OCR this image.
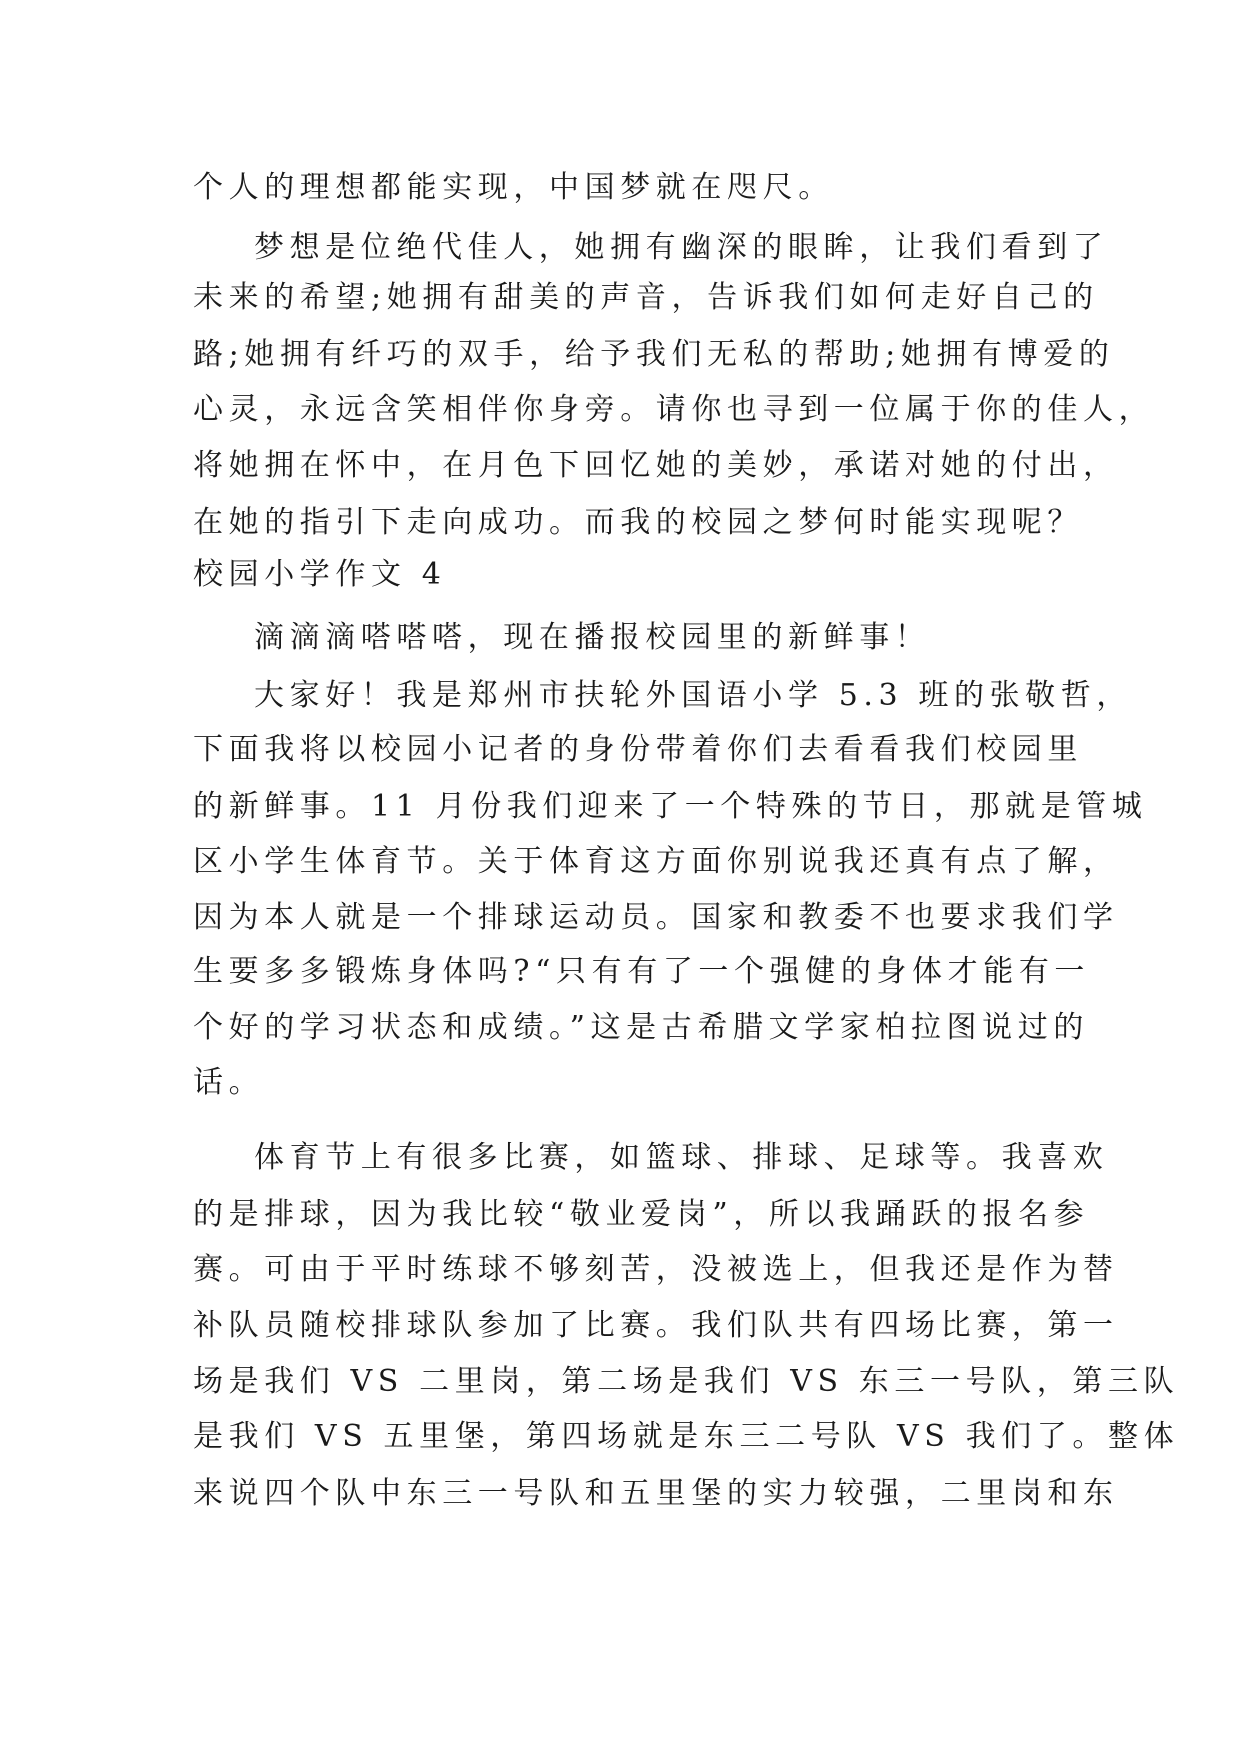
个人的理想都能实现，中国梦就在咫尺。
梦想是位绝代佳人，她拥有幽深的眼眸，让我们看到了
未来的希望;她拥有甜美的声音，告诉我们如何走好自己的
路;她拥有纤巧的双手，给予我们无私的帮助;她拥有博爱的
心灵，永远含笑相伴你身旁。请你也寻到一位属于你的佳人，
将她拥在怀中，在月色下回忆她的美妙，承诺对她的付出，
在她的指引下走向成功。而我的校园之梦何时能实现呢？
校园小学作文 4
滴滴滴嗒嗒嗒，现在播报校园里的新鲜事！
大家好！我是郑州市扶轮外国语小学 5.3 班的张敬哲，
下面我将以校园小记者的身份带着你们去看看我们校园里
的新鲜事。11 月份我们迎来了一个特殊的节日，那就是管城
区小学生体育节。关于体育这方面你别说我还真有点了解，
因为本人就是一个排球运动员。国家和教委不也要求我们学
生要多多锻炼身体吗?“只有有了一个强健的身体才能有一
个好的学习状态和成绩。”这是古希腊文学家柏拉图说过的
话。
体育节上有很多比赛，如篮球、排球、足球等。我喜欢
的是排球，因为我比较“敬业爱岗”，所以我踊跃的报名参
赛。可由于平时练球不够刻苦，没被选上，但我还是作为替
补队员随校排球队参加了比赛。我们队共有四场比赛，第一
场是我们 VS 二里岗，第二场是我们 VS 东三一号队，第三队
是我们 VS 五里堡，第四场就是东三二号队 VS 我们了。整体
来说四个队中东三一号队和五里堡的实力较强，二里岗和东
